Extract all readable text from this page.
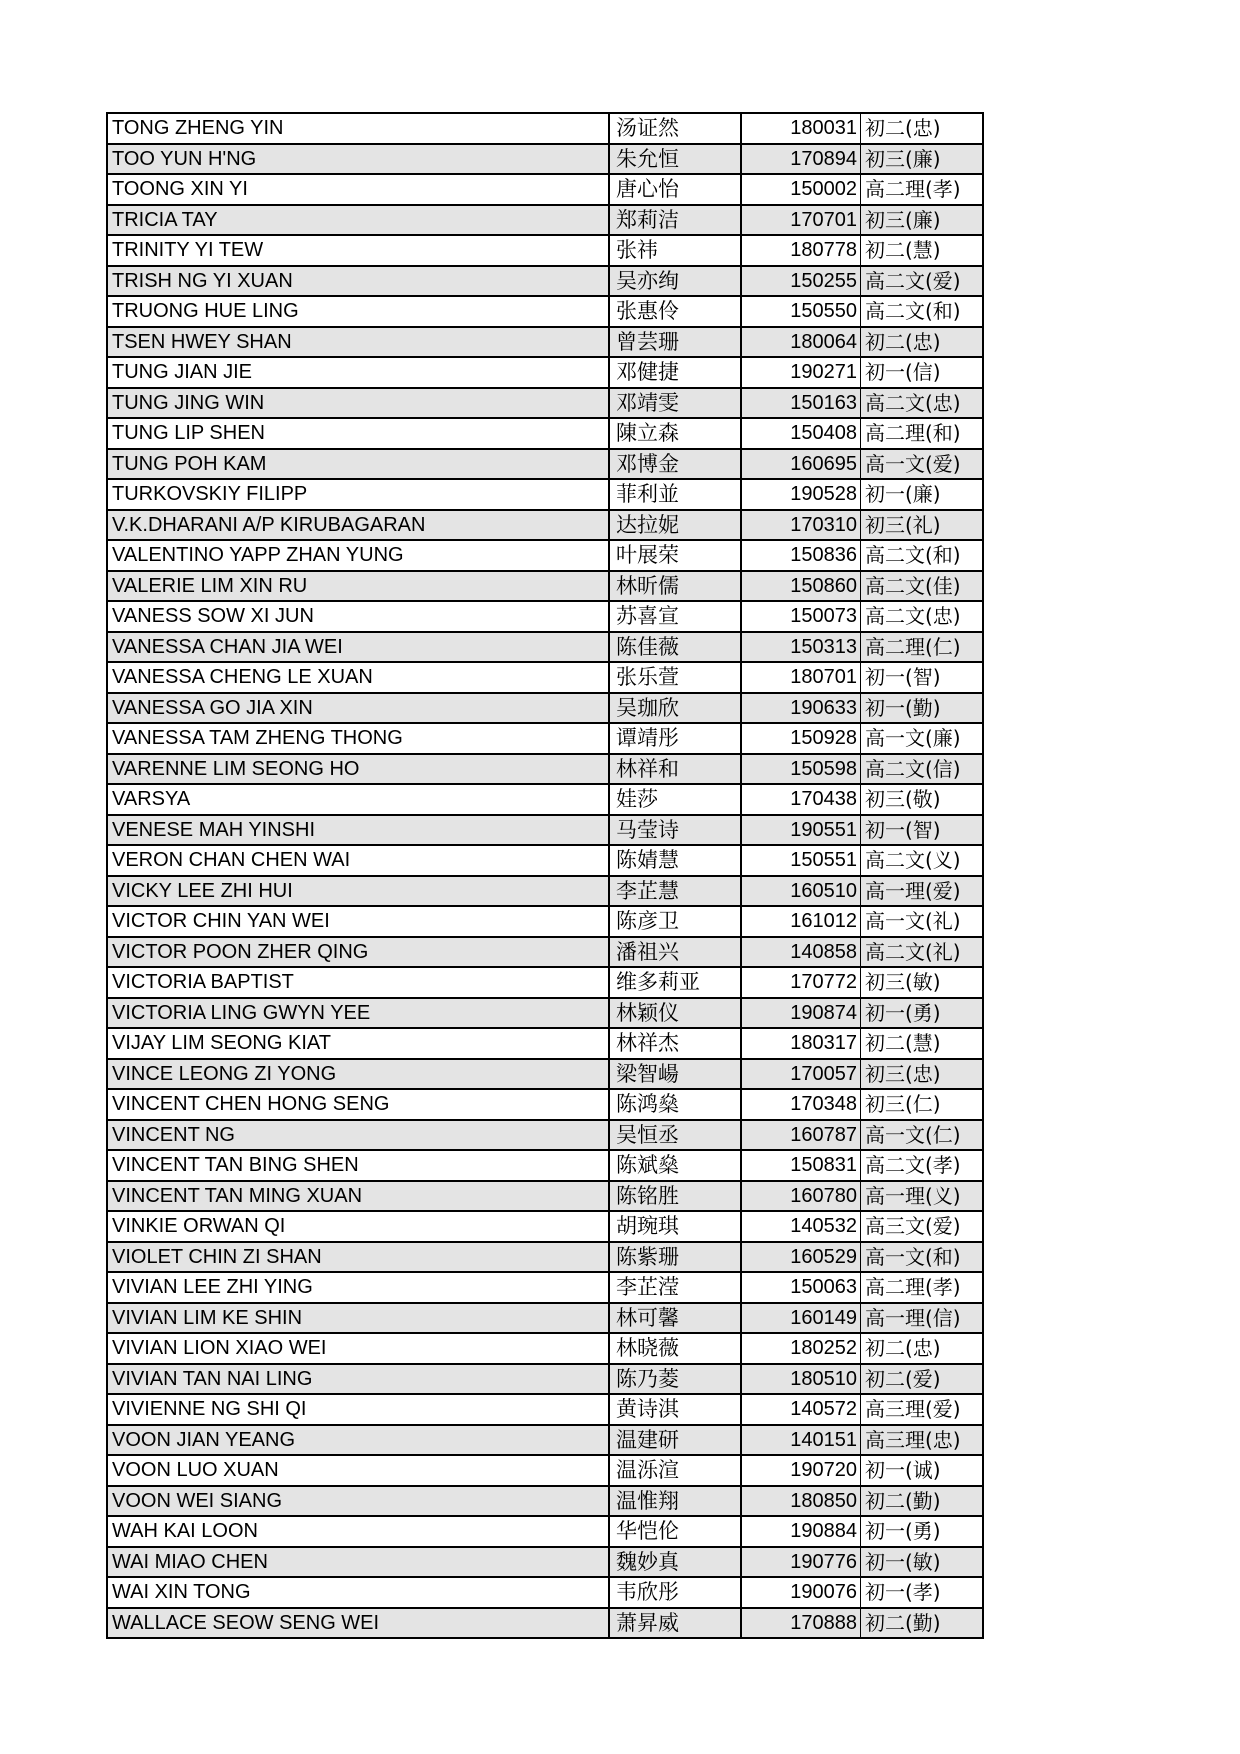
TONG ZHENG YIN	汤证然	180031	初二(忠)
TOO YUN H'NG	朱允恒	170894	初三(廉)
TOONG XIN YI	唐心怡	150002	高二理(孝)
TRICIA TAY	郑莉洁	170701	初三(廉)
TRINITY YI TEW	张祎	180778	初二(慧)
TRISH NG YI XUAN	吴亦绚	150255	高二文(爱)
TRUONG HUE LING	张惠伶	150550	高二文(和)
TSEN HWEY SHAN	曾芸珊	180064	初二(忠)
TUNG JIAN JIE	邓健捷	190271	初一(信)
TUNG JING WIN	邓靖雯	150163	高二文(忠)
TUNG LIP SHEN	陳立森	150408	高二理(和)
TUNG POH KAM	邓博金	160695	高一文(爱)
TURKOVSKIY FILIPP	菲利並	190528	初一(廉)
V.K.DHARANI A/P KIRUBAGARAN	达拉妮	170310	初三(礼)
VALENTINO YAPP ZHAN YUNG	叶展荣	150836	高二文(和)
VALERIE LIM XIN RU	林昕儒	150860	高二文(佳)
VANESS SOW XI JUN	苏喜宣	150073	高二文(忠)
VANESSA CHAN JIA WEI	陈佳薇	150313	高二理(仁)
VANESSA CHENG LE XUAN	张乐萱	180701	初一(智)
VANESSA GO JIA XIN	吴珈欣	190633	初一(勤)
VANESSA TAM ZHENG THONG	谭靖彤	150928	高一文(廉)
VARENNE LIM SEONG HO	林祥和	150598	高二文(信)
VARSYA	娃莎	170438	初三(敬)
VENESE MAH YINSHI	马莹诗	190551	初一(智)
VERON CHAN CHEN WAI	陈婧慧	150551	高二文(义)
VICKY LEE ZHI HUI	李芷慧	160510	高一理(爱)
VICTOR CHIN YAN WEI	陈彦卫	161012	高一文(礼)
VICTOR POON ZHER QING	潘祖兴	140858	高二文(礼)
VICTORIA BAPTIST	维多莉亚	170772	初三(敏)
VICTORIA LING GWYN YEE	林颖仪	190874	初一(勇)
VIJAY LIM SEONG KIAT	林祥杰	180317	初二(慧)
VINCE LEONG ZI YONG	梁智崵	170057	初三(忠)
VINCENT CHEN HONG SENG	陈鸿燊	170348	初三(仁)
VINCENT NG	吴恒丞	160787	高一文(仁)
VINCENT TAN BING SHEN	陈斌燊	150831	高二文(孝)
VINCENT TAN MING XUAN	陈铭胜	160780	高一理(义)
VINKIE ORWAN QI	胡琬琪	140532	高三文(爱)
VIOLET CHIN ZI SHAN	陈紫珊	160529	高一文(和)
VIVIAN LEE ZHI YING	李芷滢	150063	高二理(孝)
VIVIAN LIM KE SHIN	林可馨	160149	高一理(信)
VIVIAN LION XIAO WEI	林晓薇	180252	初二(忠)
VIVIAN TAN NAI LING	陈乃菱	180510	初二(爱)
VIVIENNE NG SHI QI	黄诗淇	140572	高三理(爱)
VOON JIAN YEANG	温建研	140151	高三理(忠)
VOON LUO XUAN	温泺渲	190720	初一(诚)
VOON WEI SIANG	温惟翔	180850	初二(勤)
WAH KAI LOON	华恺伦	190884	初一(勇)
WAI MIAO CHEN	魏妙真	190776	初一(敏)
WAI XIN TONG	韦欣彤	190076	初一(孝)
WALLACE SEOW SENG WEI	萧昇威	170888	初二(勤)
